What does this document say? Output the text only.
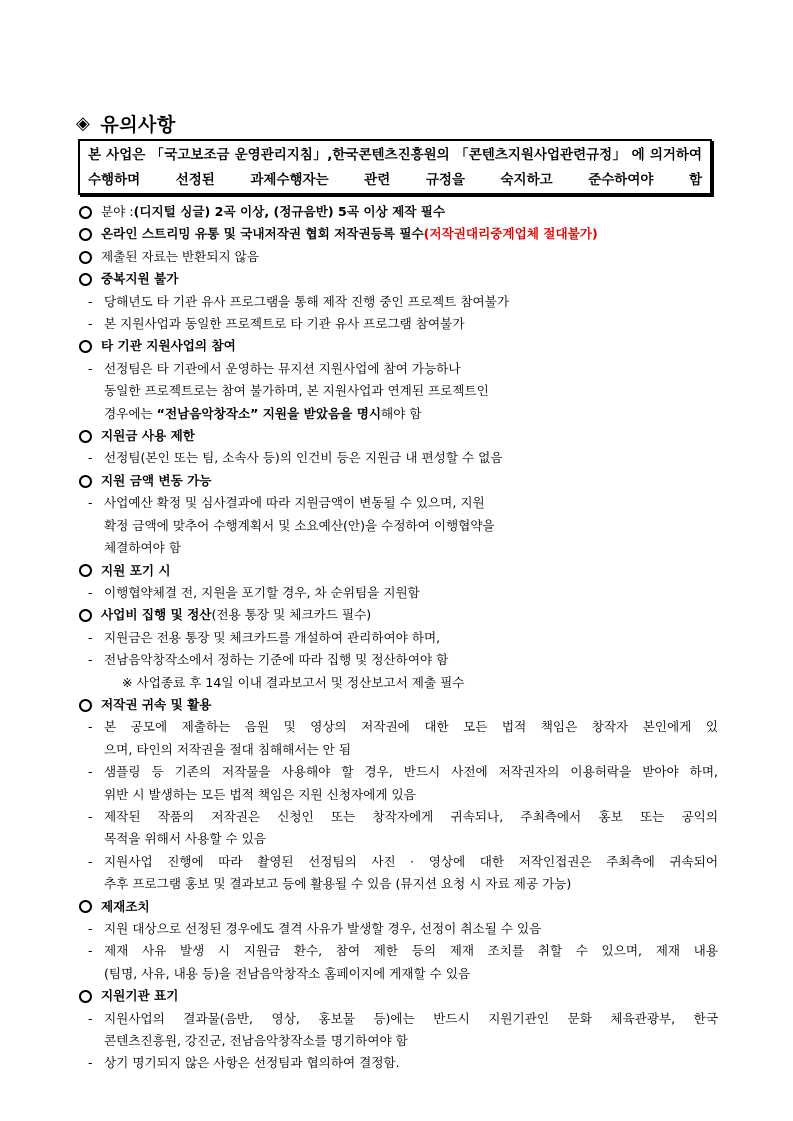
◈ 유의사항
본 사업은 「국고보조금 운영관리지침」,한국콘텐츠진흥원의 「콘텐츠지원사업관련규정」 에 의거하여 수행하며 선정된 과제수행자는 관련 규정을 숙지하고 준수하여야 함
분야 : (디지털 싱글) 2곡 이상, (정규음반) 5곡 이상 제작 필수
온라인 스트리밍 유통 및 국내저작권 협회 저작권등록 필수 (저작권대리중계업체 절대불가)
제출된 자료는 반환되지 않음
중복지원 불가
- 당해년도 타 기관 유사 프로그램을 통해 제작 진행 중인 프로젝트 참여불가
- 본 지원사업과 동일한 프로젝트로 타 기관 유사 프로그램 참여불가
타 기관 지원사업의 참여
- 선정팀은 타 기관에서 운영하는 뮤지션 지원사업에 참여 가능하나
동일한 프로젝트로는 참여 불가하며, 본 지원사업과 연계된 프로젝트인
경우에는 “전남음악창작소” 지원을 받았음을 명시해야 함
지원금 사용 제한
- 선정팀(본인 또는 팀, 소속사 등)의 인건비 등은 지원금 내 편성할 수 없음
지원 금액 변동 가능
- 사업예산 확정 및 심사결과에 따라 지원금액이 변동될 수 있으며, 지원
확정 금액에 맞추어 수행계획서 및 소요예산(안)을 수정하여 이행협약을
체결하여야 함
지원 포기 시
- 이행협약체결 전, 지원을 포기할 경우, 차 순위팀을 지원함
사업비 집행 및 정산 (전용 통장 및 체크카드 필수)
- 지원금은 전용 통장 및 체크카드를 개설하여 관리하여야 하며,
- 전남음악창작소에서 정하는 기준에 따라 집행 및 정산하여야 함
※ 사업종료 후 14일 이내 결과보고서 및 정산보고서 제출 필수
저작권 귀속 및 활용
- 본 공모에 제출하는 음원 및 영상의 저작권에 대한 모든 법적 책임은 창작자 본인에게 있
으며, 타인의 저작권을 절대 침해해서는 안 됨
- 샘플링 등 기존의 저작물을 사용해야 할 경우, 반드시 사전에 저작권자의 이용허락을 받아야 하며,
위반 시 발생하는 모든 법적 책임은 지원 신청자에게 있음
- 제작된 작품의 저작권은 신청인 또는 창작자에게 귀속되나, 주최측에서 홍보 또는 공익의
목적을 위해서 사용할 수 있음
- 지원사업 진행에 따라 촬영된 선정팀의 사진 · 영상에 대한 저작인접권은 주최측에 귀속되어
추후 프로그램 홍보 및 결과보고 등에 활용될 수 있음 (뮤지션 요청 시 자료 제공 가능)
제재조치
- 지원 대상으로 선정된 경우에도 결격 사유가 발생할 경우, 선정이 취소될 수 있음
- 제재 사유 발생 시 지원금 환수, 참여 제한 등의 제재 조치를 취할 수 있으며, 제재 내용
(팀명, 사유, 내용 등)을 전남음악창작소 홈페이지에 게재할 수 있음
지원기관 표기
- 지원사업의 결과물(음반, 영상, 홍보물 등)에는 반드시 지원기관인 문화 체육관광부, 한국
콘텐츠진흥원, 강진군, 전남음악창작소를 명기하여야 함
- 상기 명기되지 않은 사항은 선정팀과 협의하여 결정함.
